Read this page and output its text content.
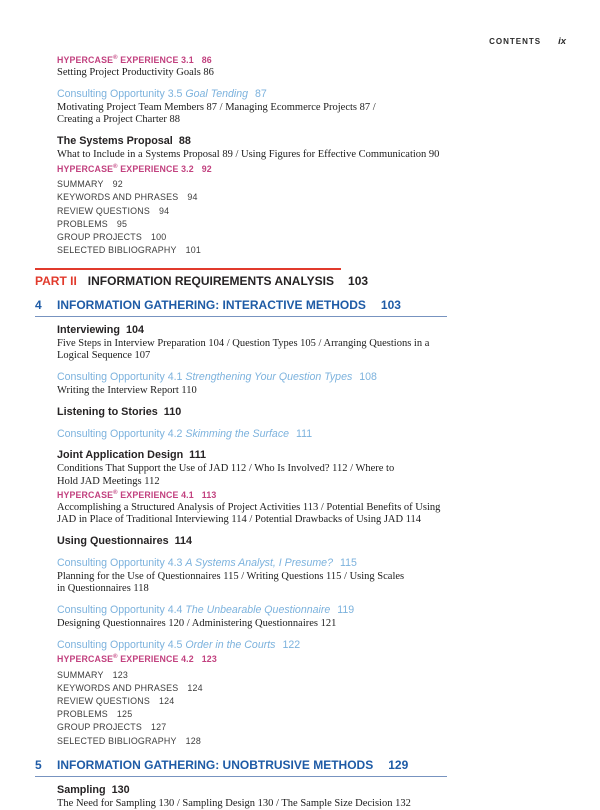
CONTENTS ix
HYPERCASE® EXPERIENCE 3.1 86
Setting Project Productivity Goals 86
Consulting Opportunity 3.5 Goal Tending 87
Motivating Project Team Members 87 / Managing Ecommerce Projects 87 /
Creating a Project Charter 88
The Systems Proposal 88
What to Include in a Systems Proposal 89 / Using Figures for Effective Communication 90
HYPERCASE® EXPERIENCE 3.2 92
SUMMARY 92
KEYWORDS AND PHRASES 94
REVIEW QUESTIONS 94
PROBLEMS 95
GROUP PROJECTS 100
SELECTED BIBLIOGRAPHY 101
PART II INFORMATION REQUIREMENTS ANALYSIS 103
4 INFORMATION GATHERING: INTERACTIVE METHODS 103
Interviewing 104
Five Steps in Interview Preparation 104 / Question Types 105 / Arranging Questions in a
Logical Sequence 107
Consulting Opportunity 4.1 Strengthening Your Question Types 108
Writing the Interview Report 110
Listening to Stories 110
Consulting Opportunity 4.2 Skimming the Surface 111
Joint Application Design 111
Conditions That Support the Use of JAD 112 / Who Is Involved? 112 / Where to
Hold JAD Meetings 112
HYPERCASE® EXPERIENCE 4.1 113
Accomplishing a Structured Analysis of Project Activities 113 / Potential Benefits of Using
JAD in Place of Traditional Interviewing 114 / Potential Drawbacks of Using JAD 114
Using Questionnaires 114
Consulting Opportunity 4.3 A Systems Analyst, I Presume? 115
Planning for the Use of Questionnaires 115 / Writing Questions 115 / Using Scales
in Questionnaires 118
Consulting Opportunity 4.4 The Unbearable Questionnaire 119
Designing Questionnaires 120 / Administering Questionnaires 121
Consulting Opportunity 4.5 Order in the Courts 122
HYPERCASE® EXPERIENCE 4.2 123
SUMMARY 123
KEYWORDS AND PHRASES 124
REVIEW QUESTIONS 124
PROBLEMS 125
GROUP PROJECTS 127
SELECTED BIBLIOGRAPHY 128
5 INFORMATION GATHERING: UNOBTRUSIVE METHODS 129
Sampling 130
The Need for Sampling 130 / Sampling Design 130 / The Sample Size Decision 132
